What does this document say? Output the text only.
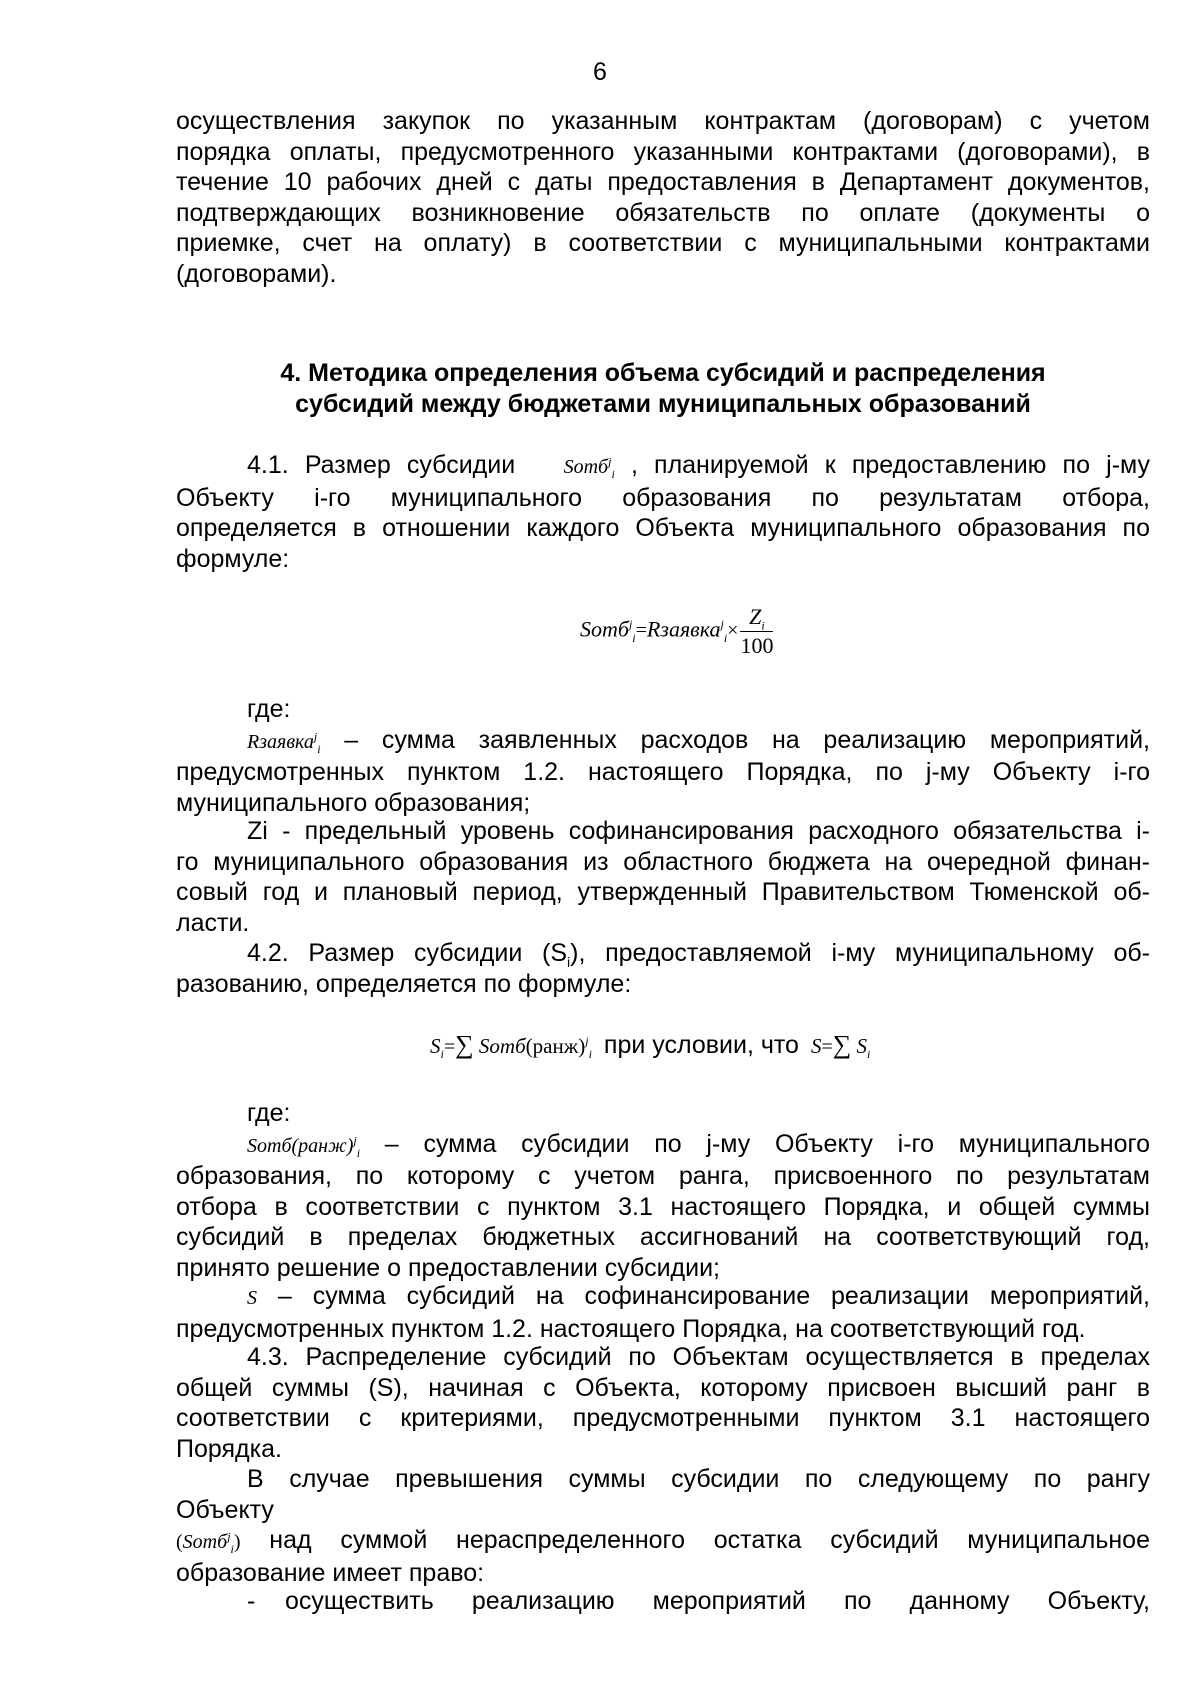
6
осуществления закупок по указанным контрактам (договорам) с учетом
порядка оплаты, предусмотренного указанными контрактами (договорами), в
течение 10 рабочих дней с даты предоставления в Департамент документов,
подтверждающих возникновение обязательств по оплате (документы о
приемке, счет на оплату) в соответствии с муниципальными контрактами
(договорами).
4. Методика определения объема субсидий и распределения
субсидий между бюджетами муниципальных образований
4.1. Размер субсидии Sотб$^j_i$ , планируемой к предоставлению по j-му
Объекту i-го муниципального образования по результатам отбора,
определяется в отношении каждого Объекта муниципального образования по
формуле:
Sотб$^j_i$=Rзаявка$^j_i$× $\frac{Z_i}{100}$
где:
Rзаявка$^j_i$ – сумма заявленных расходов на реализацию мероприятий,
предусмотренных пунктом 1.2. настоящего Порядка, по j-му Объекту i-го
муниципального образования;
Zi - предельный уровень софинансирования расходного обязательства i-
го муниципального образования из областного бюджета на очередной финан-
совый год и плановый период, утвержденный Правительством Тюменской об-
ласти.
4.2. Размер субсидии $(S_i)$, предоставляемой i-му муниципальному об-
разованию, определяется по формуле:
$S_i=\sum$ Sотб(ранж)$^j_i$ при условии, что S=∑ $S_i$
где:
Sотб(ранж)$^j_i$ – сумма субсидии по j-му Объекту i-го муниципального
образования, по которому с учетом ранга, присвоенного по результатам
отбора в соответствии с пунктом 3.1 настоящего Порядка, и общей суммы
субсидий в пределах бюджетных ассигнований на соответствующий год,
принято решение о предоставлении субсидии;
S – сумма субсидий на софинансирование реализации мероприятий,
предусмотренных пунктом 1.2. настоящего Порядка, на соответствующий год.
4.3. Распределение субсидий по Объектам осуществляется в пределах
общей суммы (S), начиная с Объекта, которому присвоен высший ранг в
соответствии с критериями, предусмотренными пунктом 3.1 настоящего
Порядка.
В случае превышения суммы субсидии по следующему по рангу
Объекту
(Sотб$^j_i$) над суммой нераспределенного остатка субсидий муниципальное
образование имеет право:
-	осуществить реализацию мероприятий по данному Объекту,
